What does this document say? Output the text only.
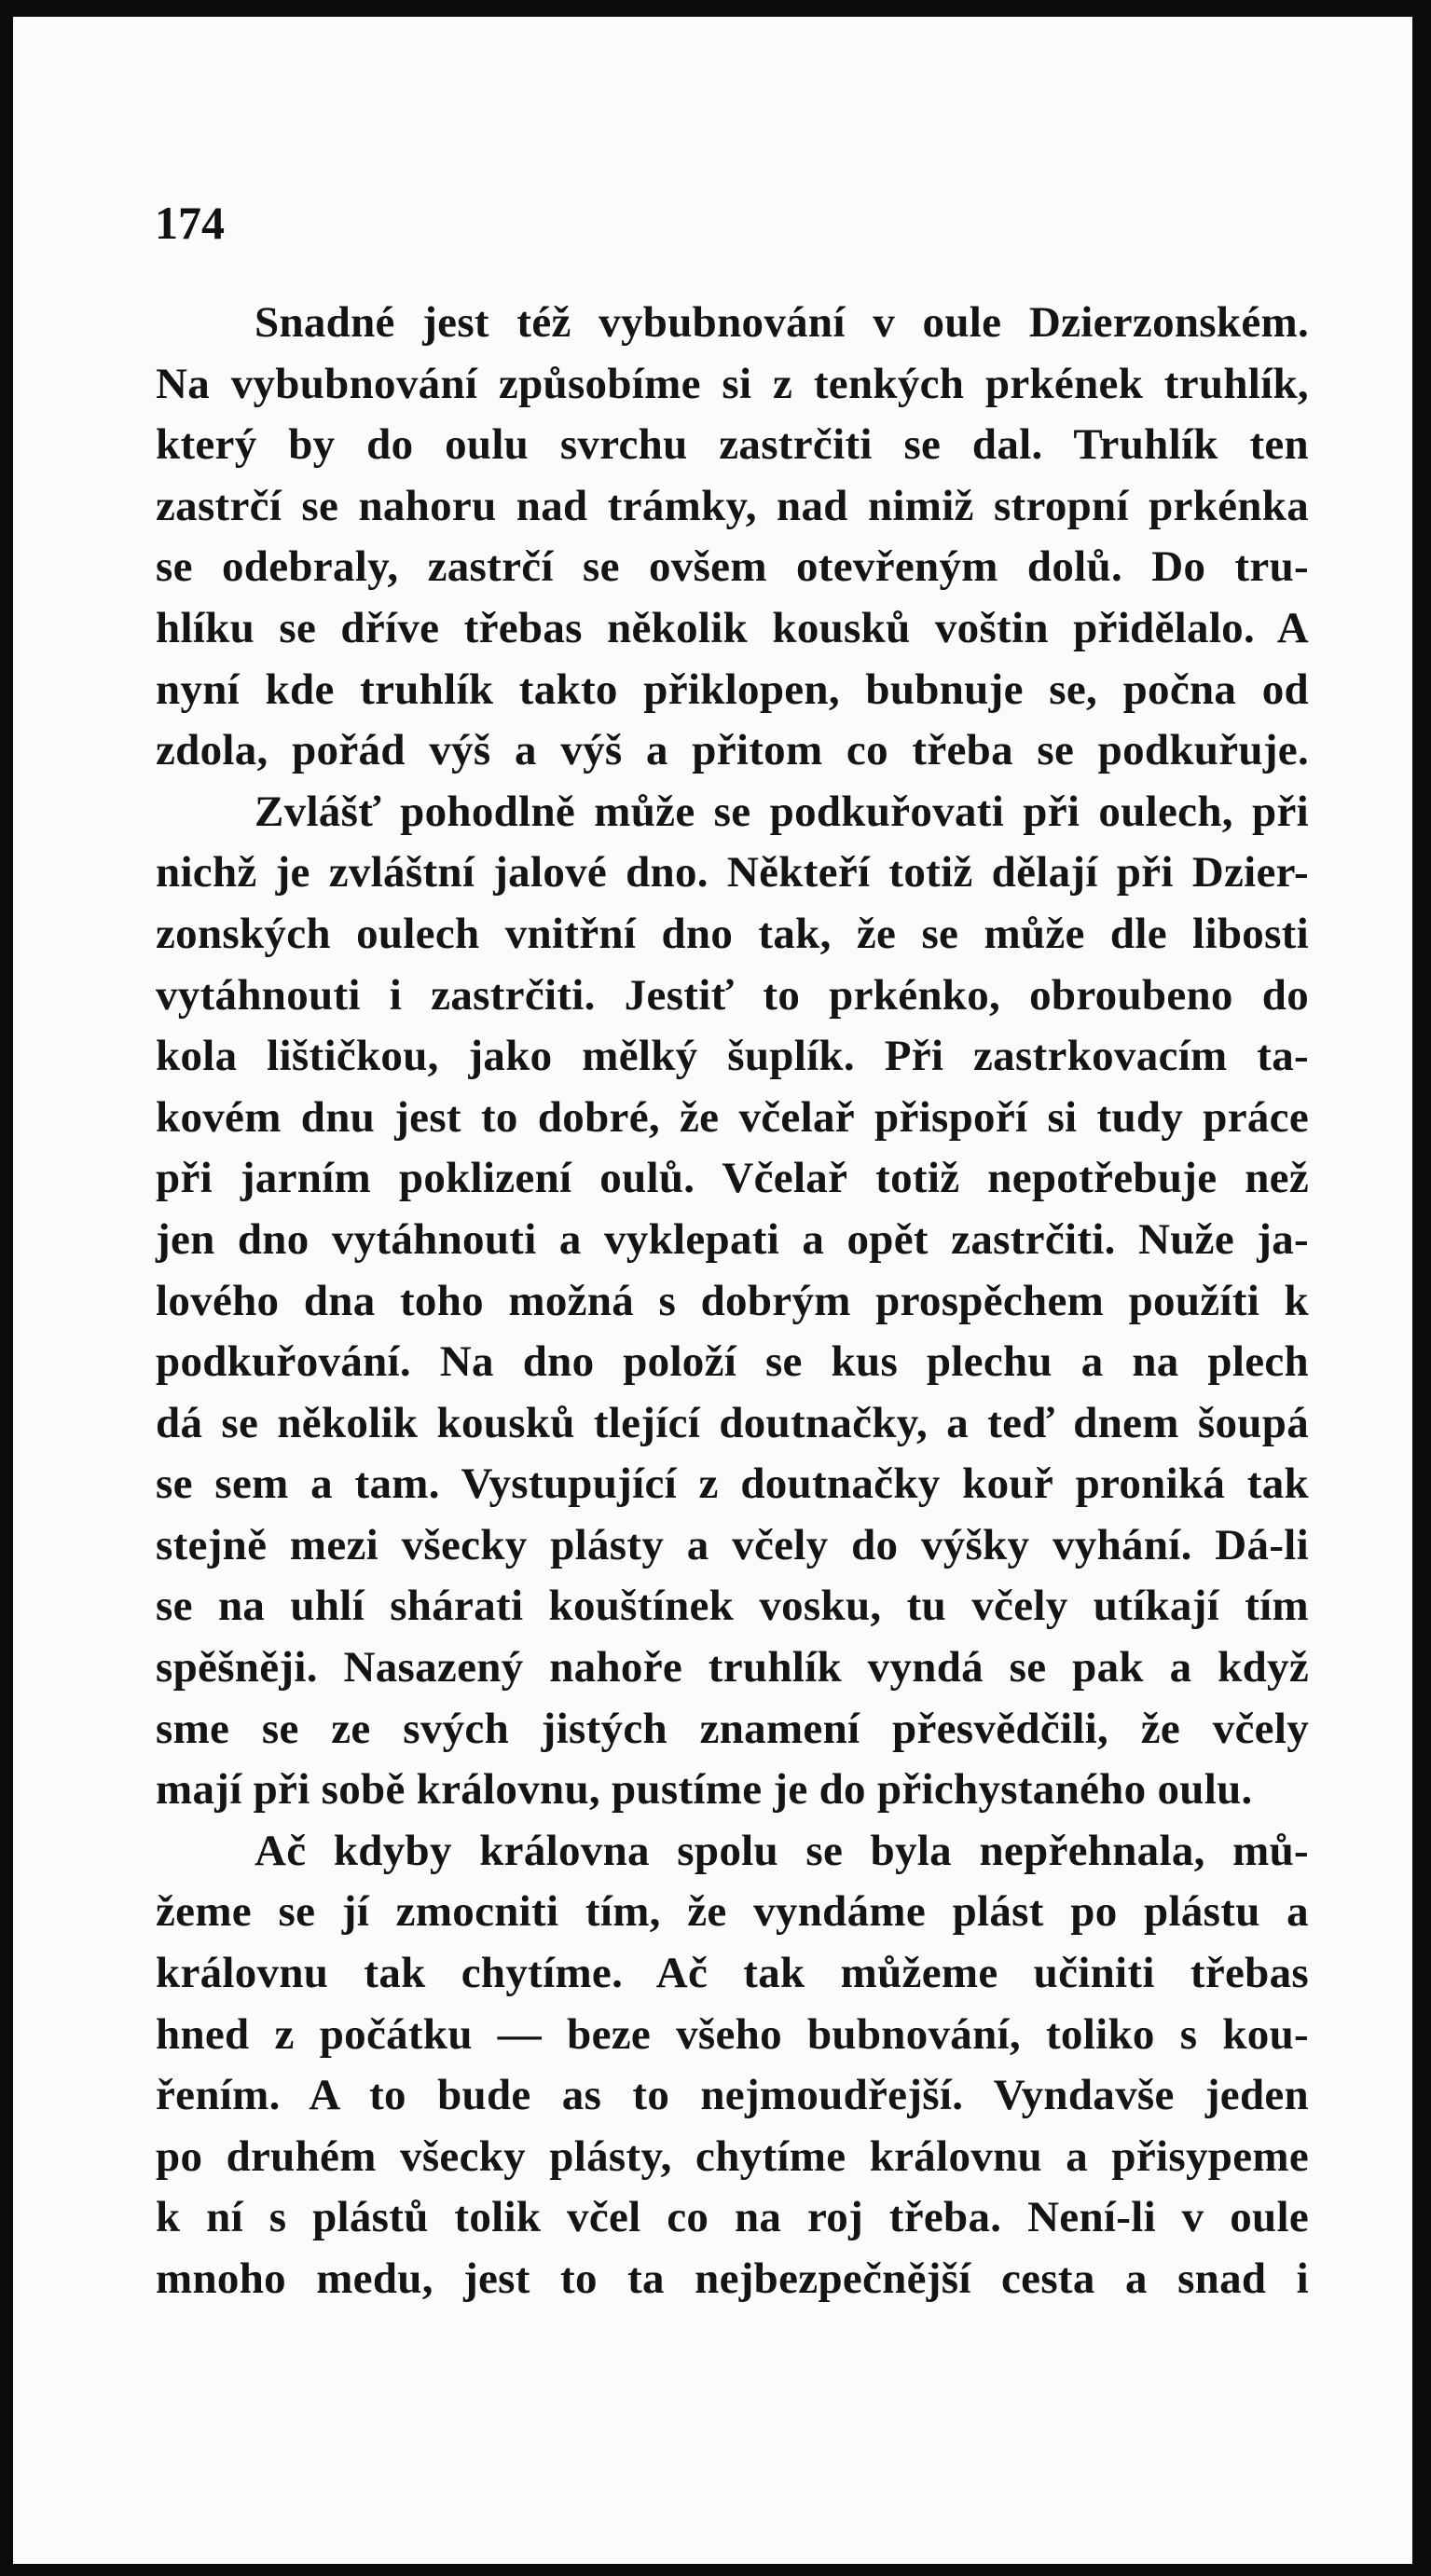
174
Snadné jest též vybubnování v oule Dzierzonském.
Na vybubnování způsobíme si z tenkých prkének truhlík,
který by do oulu svrchu zastrčiti se dal. Truhlík ten
zastrčí se nahoru nad trámky, nad nimiž stropní prkénka
se odebraly, zastrčí se ovšem otevřeným dolů. Do tru-
hlíku se dříve třebas několik kousků voštin přidělalo. A
nyní kde truhlík takto přiklopen, bubnuje se, počna od
zdola, pořád výš a výš a přitom co třeba se podkuřuje.
Zvlášť pohodlně může se podkuřovati při oulech, při
nichž je zvláštní jalové dno. Někteří totiž dělají při Dzier-
zonských oulech vnitřní dno tak, že se může dle libosti
vytáhnouti i zastrčiti. Jestiť to prkénko, obroubeno do
kola lištičkou, jako mělký šuplík. Při zastrkovacím ta-
kovém dnu jest to dobré, že včelař přispoří si tudy práce
při jarním poklizení oulů. Včelař totiž nepotřebuje než
jen dno vytáhnouti a vyklepati a opět zastrčiti. Nuže ja-
lového dna toho možná s dobrým prospěchem použíti k
podkuřování. Na dno položí se kus plechu a na plech
dá se několik kousků tlející doutnačky, a teď dnem šoupá
se sem a tam. Vystupující z doutnačky kouř proniká tak
stejně mezi všecky plásty a včely do výšky vyhání. Dá-li
se na uhlí shárati kouštínek vosku, tu včely utíkají tím
spěšněji. Nasazený nahoře truhlík vyndá se pak a když
sme se ze svých jistých znamení přesvědčili, že včely
mají při sobě královnu, pustíme je do přichystaného oulu.
Ač kdyby královna spolu se byla nepřehnala, mů-
žeme se jí zmocniti tím, že vyndáme plást po plástu a
královnu tak chytíme. Ač tak můžeme učiniti třebas
hned z počátku — beze všeho bubnování, toliko s kou-
řením. A to bude as to nejmoudřejší. Vyndavše jeden
po druhém všecky plásty, chytíme královnu a přisypeme
k ní s plástů tolik včel co na roj třeba. Není-li v oule
mnoho medu, jest to ta nejbezpečnější cesta a snad i
